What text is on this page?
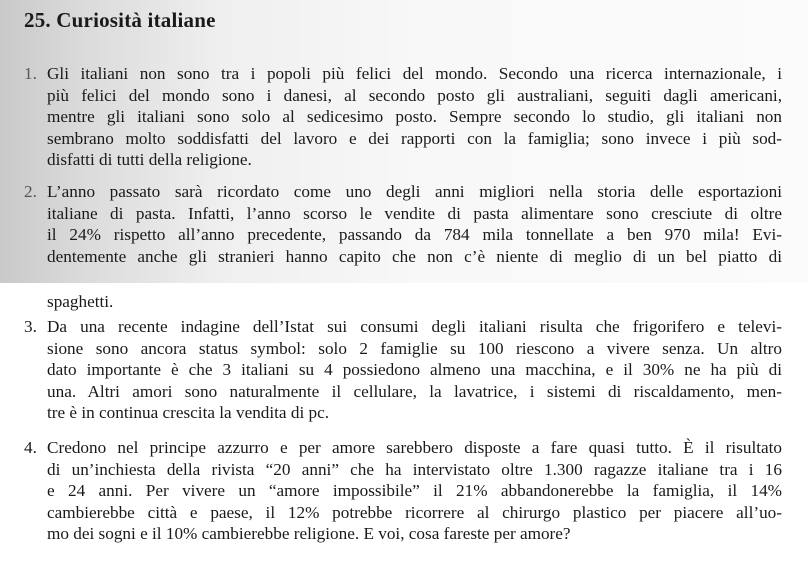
25. Curiosità italiane
1. Gli italiani non sono tra i popoli più felici del mondo. Secondo una ricerca internazionale, i
più felici del mondo sono i danesi, al secondo posto gli australiani, seguiti dagli americani,
mentre gli italiani sono solo al sedicesimo posto. Sempre secondo lo studio, gli italiani non
sembrano molto soddisfatti del lavoro e dei rapporti con la famiglia; sono invece i più sod-
disfatti di tutti della religione.
2. L’anno passato sarà ricordato come uno degli anni migliori nella storia delle esportazioni
italiane di pasta. Infatti, l’anno scorso le vendite di pasta alimentare sono cresciute di oltre
il 24% rispetto all’anno precedente, passando da 784 mila tonnellate a ben 970 mila! Evi-
dentemente anche gli stranieri hanno capito che non c’è niente di meglio di un bel piatto di
spaghetti.
3. Da una recente indagine dell’Istat sui consumi degli italiani risulta che frigorifero e televi-
sione sono ancora status symbol: solo 2 famiglie su 100 riescono a vivere senza. Un altro
dato importante è che 3 italiani su 4 possiedono almeno una macchina, e il 30% ne ha più di
una. Altri amori sono naturalmente il cellulare, la lavatrice, i sistemi di riscaldamento, men-
tre è in continua crescita la vendita di pc.
4. Credono nel principe azzurro e per amore sarebbero disposte a fare quasi tutto. È il risultato
di un’inchiesta della rivista “20 anni” che ha intervistato oltre 1.300 ragazze italiane tra i 16
e 24 anni. Per vivere un “amore impossibile” il 21% abbandonerebbe la famiglia, il 14%
cambierebbe città e paese, il 12% potrebbe ricorrere al chirurgo plastico per piacere all’uo-
mo dei sogni e il 10% cambierebbe religione. E voi, cosa fareste per amore?
